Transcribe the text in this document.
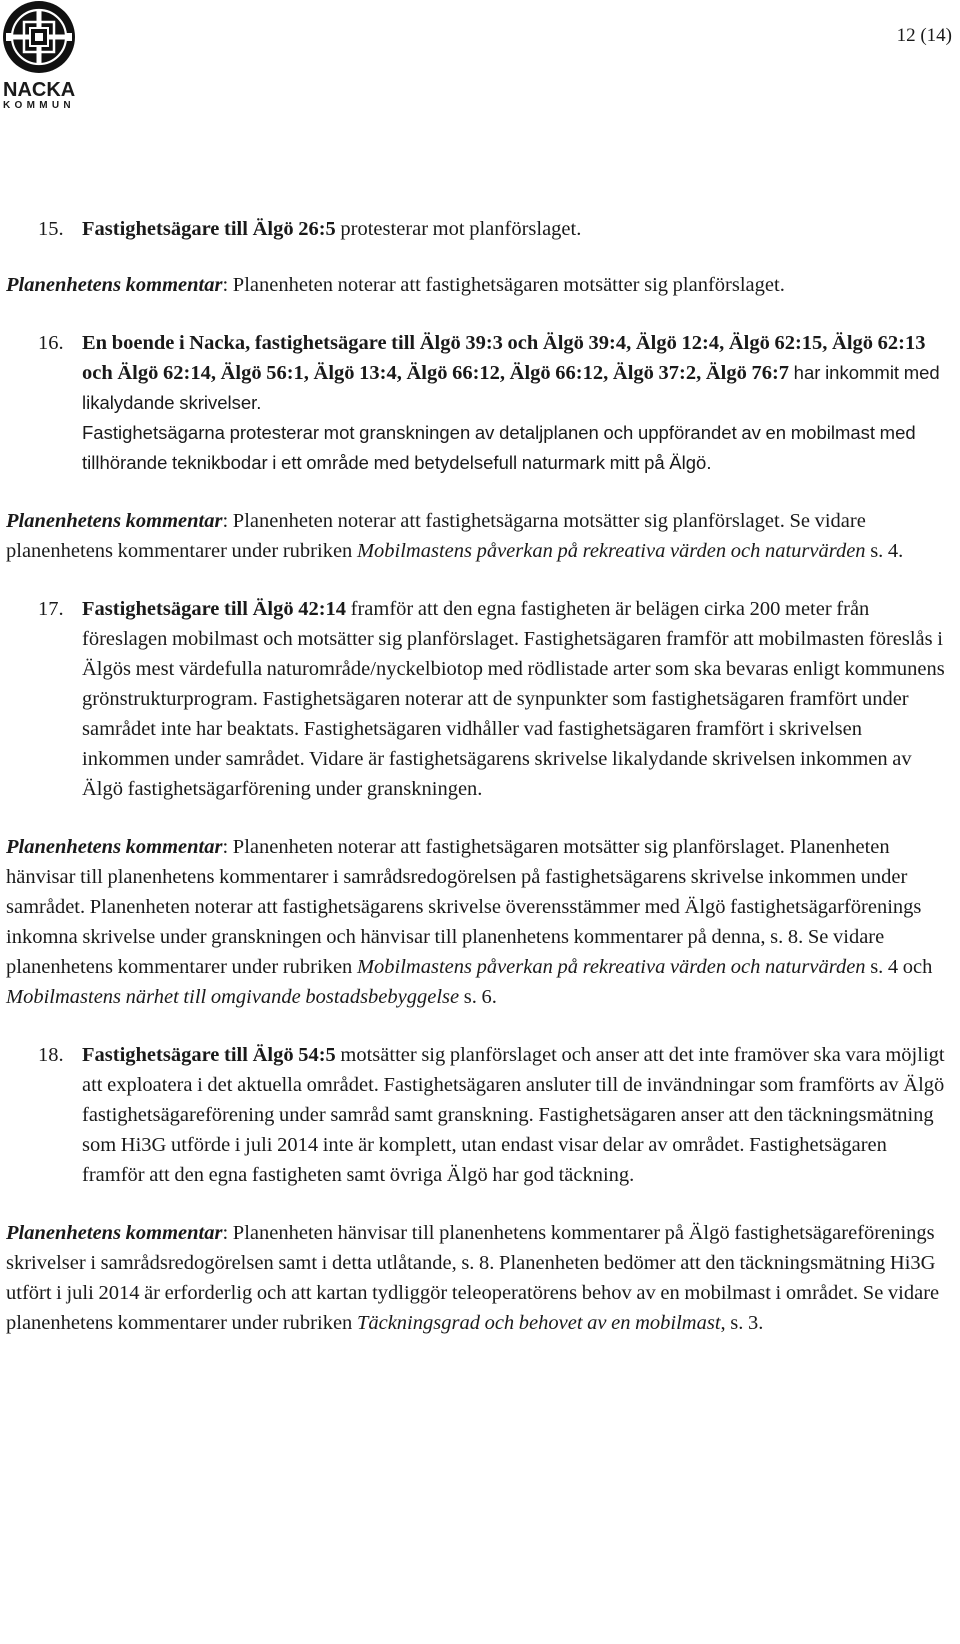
NACKA
KOMMUN
12 (14)

15. Fastighetsägare till Älgö 26:5 protesterar mot planförslaget.

Planenhetens kommentar: Planenheten noterar att fastighetsägaren motsätter sig planförslaget.

16. En boende i Nacka, fastighetsägare till Älgö 39:3 och Älgö 39:4, Älgö 12:4, Älgö 62:15, Älgö 62:13 och Älgö 62:14, Älgö 56:1, Älgö 13:4, Älgö 66:12, Älgö 66:12, Älgö 37:2, Älgö 76:7 har inkommit med likalydande skrivelser.
Fastighetsägarna protesterar mot granskningen av detaljplanen och uppförandet av en mobilmast med tillhörande teknikbodar i ett område med betydelsefull naturmark mitt på Älgö.

Planenhetens kommentar: Planenheten noterar att fastighetsägarna motsätter sig planförslaget. Se vidare planenhetens kommentarer under rubriken Mobilmastens påverkan på rekreativa värden och naturvärden s. 4.

17. Fastighetsägare till Älgö 42:14 framför att den egna fastigheten är belägen cirka 200 meter från föreslagen mobilmast och motsätter sig planförslaget. Fastighetsägaren framför att mobilmasten föreslås i Älgös mest värdefulla naturområde/nyckelbiotop med rödlistade arter som ska bevaras enligt kommunens grönstrukturprogram. Fastighetsägaren noterar att de synpunkter som fastighetsägaren framfört under samrådet inte har beaktats. Fastighetsägaren vidhåller vad fastighetsägaren framfört i skrivelsen inkommen under samrådet. Vidare är fastighetsägarens skrivelse likalydande skrivelsen inkommen av Älgö fastighetsägarförening under granskningen.

Planenhetens kommentar: Planenheten noterar att fastighetsägaren motsätter sig planförslaget. Planenheten hänvisar till planenhetens kommentarer i samrådsredogörelsen på fastighetsägarens skrivelse inkommen under samrådet. Planenheten noterar att fastighetsägarens skrivelse överensstämmer med Älgö fastighetsägarförenings inkomna skrivelse under granskningen och hänvisar till planenhetens kommentarer på denna, s. 8. Se vidare planenhetens kommentarer under rubriken Mobilmastens påverkan på rekreativa värden och naturvärden s. 4 och Mobilmastens närhet till omgivande bostadsbebyggelse s. 6.

18. Fastighetsägare till Älgö 54:5 motsätter sig planförslaget och anser att det inte framöver ska vara möjligt att exploatera i det aktuella området. Fastighetsägaren ansluter till de invändningar som framförts av Älgö fastighetsägareförening under samråd samt granskning. Fastighetsägaren anser att den täckningsmätning som Hi3G utförde i juli 2014 inte är komplett, utan endast visar delar av området. Fastighetsägaren framför att den egna fastigheten samt övriga Älgö har god täckning.

Planenhetens kommentar: Planenheten hänvisar till planenhetens kommentarer på Älgö fastighetsägareförenings skrivelser i samrådsredogörelsen samt i detta utlåtande, s. 8. Planenheten bedömer att den täckningsmätning Hi3G utfört i juli 2014 är erforderlig och att kartan tydliggör teleoperatörens behov av en mobilmast i området. Se vidare planenhetens kommentarer under rubriken Täckningsgrad och behovet av en mobilmast, s. 3.
